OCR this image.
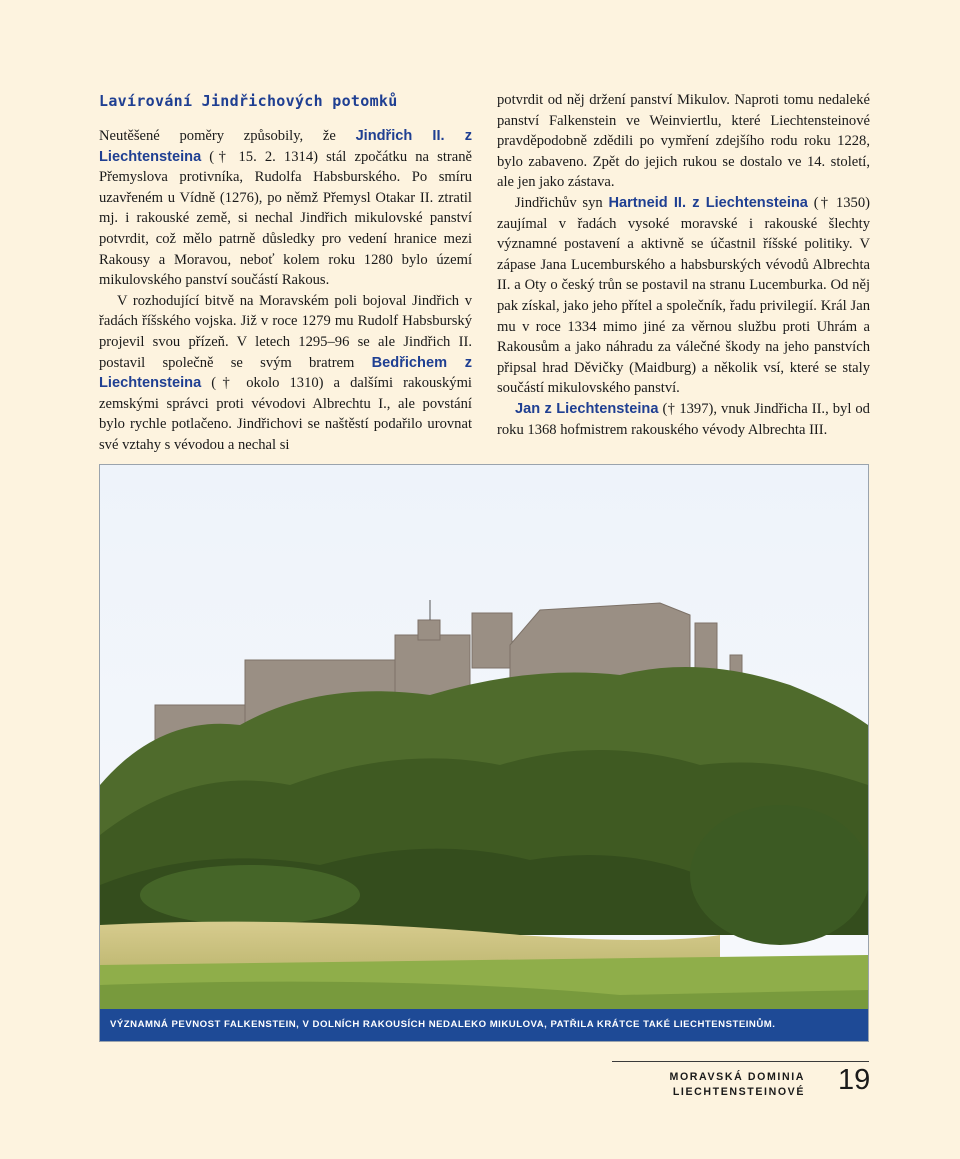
Lavírování Jindřichových potomků

Neutěšené poměry způsobily, že Jindřich II. z Liechtensteina († 15. 2. 1314) stál zpočátku na straně Přemyslova protivníka, Rudolfa Habsburského. Po smíru uzavřeném u Vídně (1276), po němž Přemysl Otakar II. ztratil mj. i rakouské země, si nechal Jindřich mikulovské panství potvrdit, což mělo patrně důsledky pro vedení hranice mezi Rakousy a Moravou, neboť kolem roku 1280 bylo území mikulovského panství součástí Rakous.

V rozhodující bitvě na Moravském poli bojoval Jindřich v řadách říšského vojska. Již v roce 1279 mu Rudolf Habsburský projevil svou přízeň. V letech 1295–96 se ale Jindřich II. postavil společně se svým bratrem Bedřichem z Liechtensteina († okolo 1310) a dalšími rakouskými zemskými správci proti vévodovi Albrechtu I., ale povstání bylo rychle potlačeno. Jindřichovi se naštěstí podařilo urovnat své vztahy s vévodou a nechal si

potvrdit od něj držení panství Mikulov. Naproti tomu nedaleké panství Falkenstein ve Weinviertlu, které Liechtensteinové pravděpodobně zdědili po vymření zdejšího rodu roku 1228, bylo zabaveno. Zpět do jejich rukou se dostalo ve 14. století, ale jen jako zástava.

Jindřichův syn Hartneid II. z Liechtensteina († 1350) zaujímal v řadách vysoké moravské i rakouské šlechty významné postavení a aktivně se účastnil říšské politiky. V zápase Jana Lucemburského a habsburských vévodů Albrechta II. a Oty o český trůn se postavil na stranu Lucemburka. Od něj pak získal, jako jeho přítel a společník, řadu privilegií. Král Jan mu v roce 1334 mimo jiné za věrnou službu proti Uhrám a Rakousům a jako náhradu za válečné škody na jeho panstvích připsal hrad Děvičky (Maidburg) a několik vsí, které se staly součástí mikulovského panství.

Jan z Liechtensteina († 1397), vnuk Jindřicha II., byl od roku 1368 hofmistrem rakouského vévody Albrechta III.

VÝZNAMNÁ PEVNOST FALKENSTEIN, V DOLNÍCH RAKOUSÍCH NEDALEKO MIKULOVA, PATŘILA KRÁTCE TAKÉ LIECHTENSTEINŮM.
MORAVSKÁ DOMINIA
LIECHTENSTEINOVÉ 19
